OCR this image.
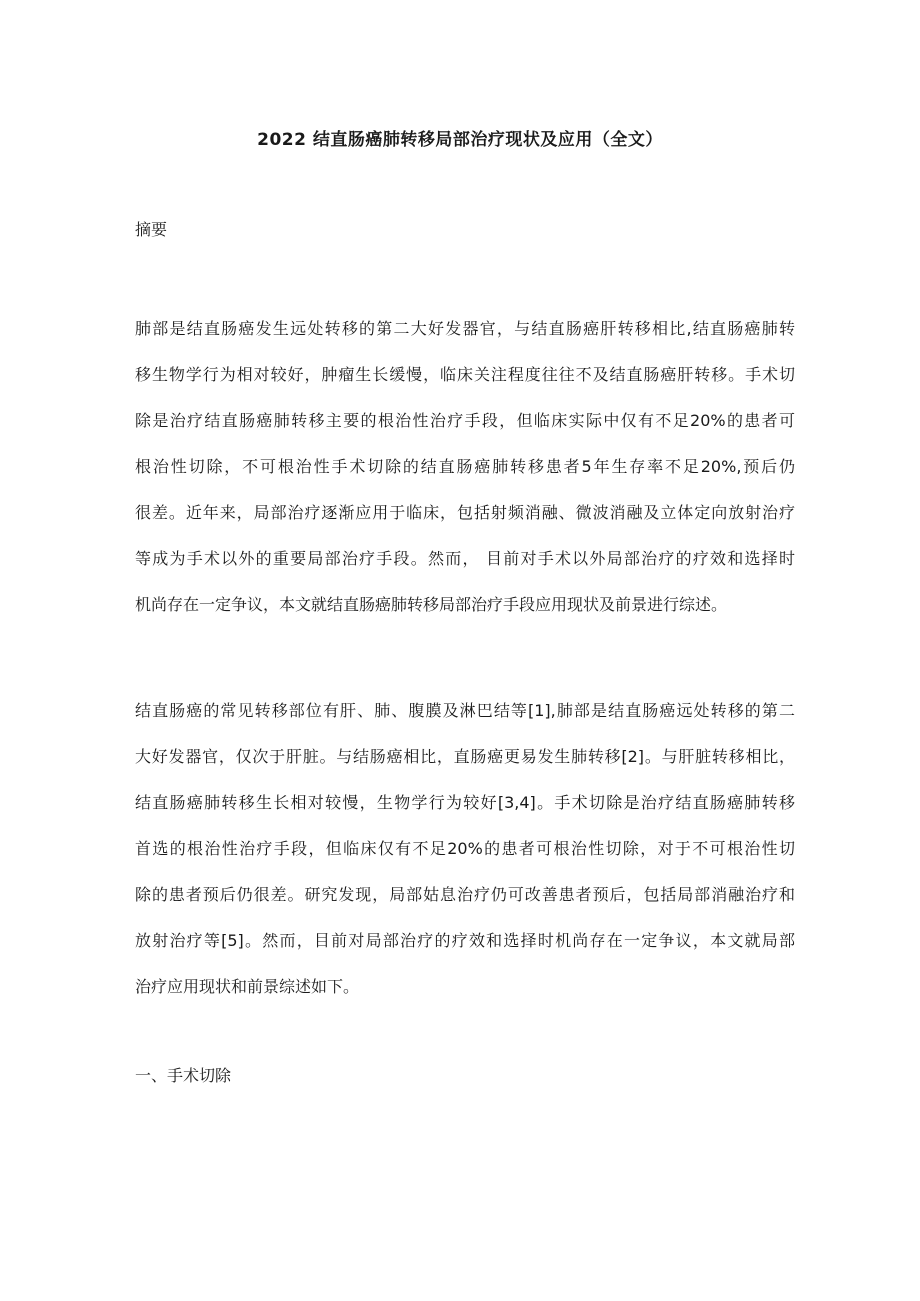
2022 结直肠癌肺转移局部治疗现状及应用（全文）
摘要

肺部是结直肠癌发生远处转移的第二大好发器官，与结直肠癌肝转移相比,结直肠癌肺转
移生物学行为相对较好，肿瘤生长缓慢，临床关注程度往往不及结直肠癌肝转移。手术切
除是治疗结直肠癌肺转移主要的根治性治疗手段，但临床实际中仅有不足20%的患者可
根治性切除，不可根治性手术切除的结直肠癌肺转移患者5年生存率不足20%,预后仍
很差。近年来，局部治疗逐渐应用于临床，包括射频消融、微波消融及立体定向放射治疗
等成为手术以外的重要局部治疗手段。然而， 目前对手术以外局部治疗的疗效和选择时
机尚存在一定争议，本文就结直肠癌肺转移局部治疗手段应用现状及前景进行综述。

结直肠癌的常见转移部位有肝、肺、腹膜及淋巴结等[1],肺部是结直肠癌远处转移的第二
大好发器官，仅次于肝脏。与结肠癌相比，直肠癌更易发生肺转移[2]。与肝脏转移相比，
结直肠癌肺转移生长相对较慢，生物学行为较好[3,4]。手术切除是治疗结直肠癌肺转移
首选的根治性治疗手段，但临床仅有不足20%的患者可根治性切除，对于不可根治性切
除的患者预后仍很差。研究发现，局部姑息治疗仍可改善患者预后，包括局部消融治疗和
放射治疗等[5]。然而，目前对局部治疗的疗效和选择时机尚存在一定争议，本文就局部
治疗应用现状和前景综述如下。

一、手术切除
